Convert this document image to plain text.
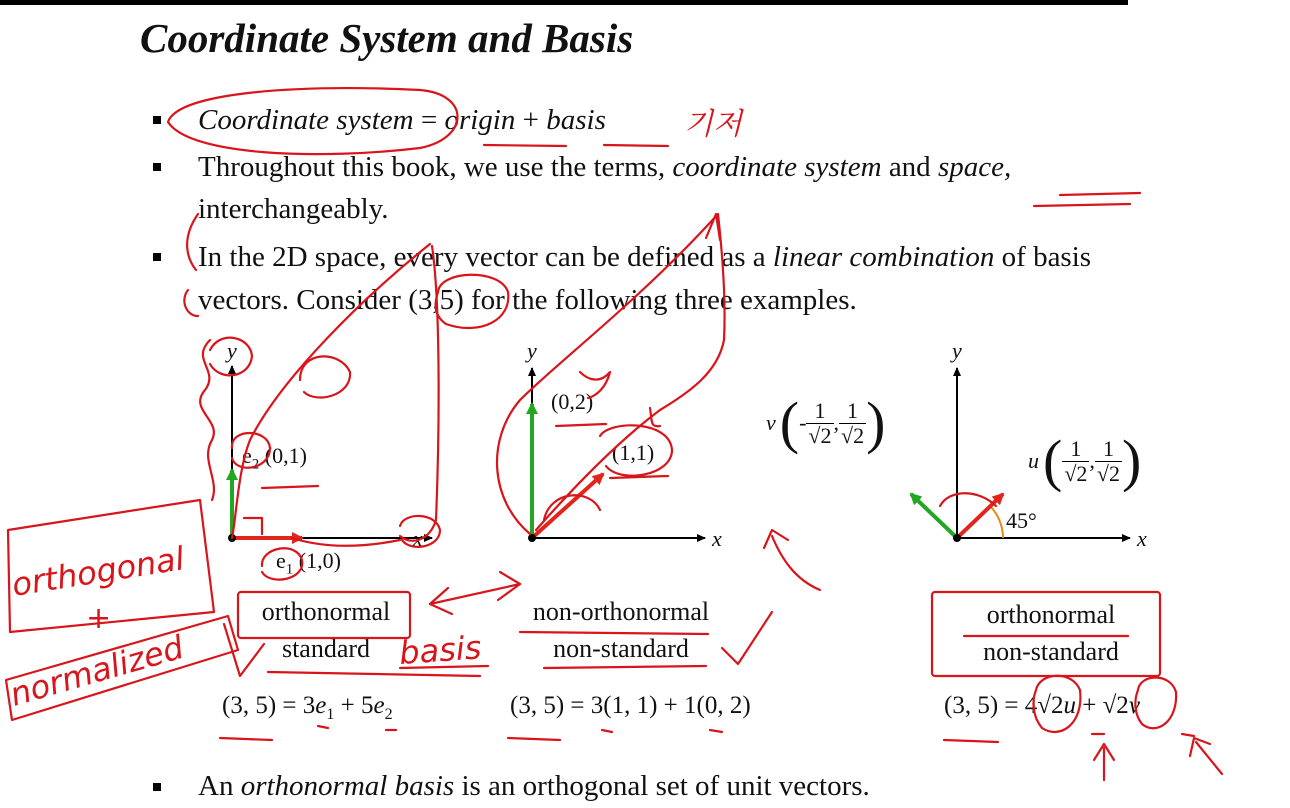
Coordinate System and Basis
Coordinate system = origin + basis
Throughout this book, we use the terms, coordinate system and space,
interchangeably.
In the 2D space, every vector can be defined as a linear combination of basis
vectors. Consider (3,5) for the following three examples.
An orthonormal basis is an orthogonal set of unit vectors.
y
x
$e_2$ (0,1)
$e_1$ (1,0)
orthonormal
standard
(3, $5) = 3e_1 + 5e_2$
y
x
(0,2)
(1,1)
non-orthonormal
non-standard
(3, 5) = 3(1, 1) + 1(0, 2)
y
x
45°
$v(- \frac{1}{√2}$ , $\frac{1}{√2}$ )
$u( \frac{1}{√2}$ , $\frac{1}{√2}$ )
orthonormal
non-standard
(3, 5) = 4√2u + √2v
기저
orthogonal
+
normalized	basis
